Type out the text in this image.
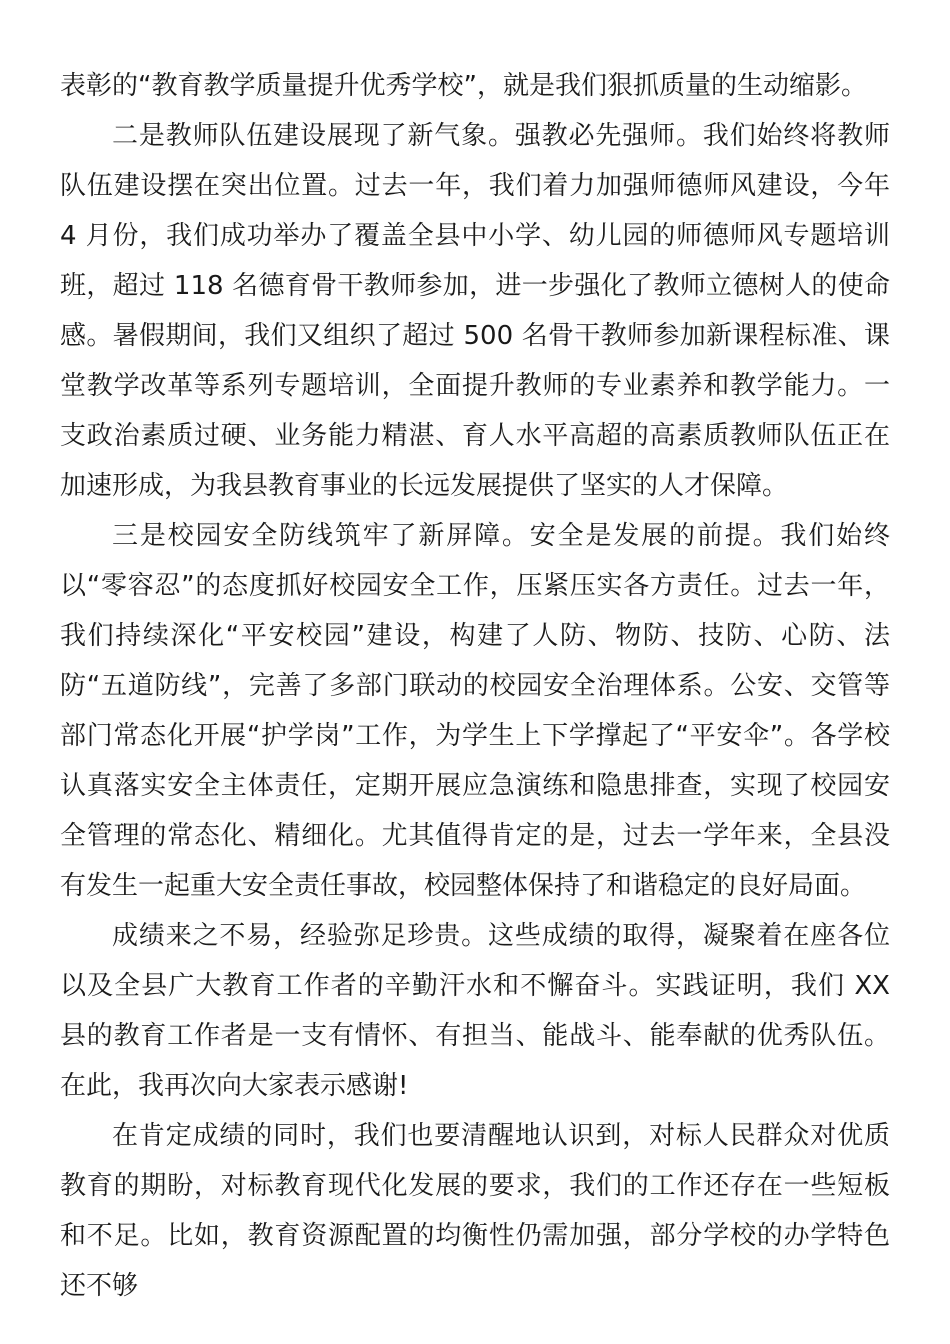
表彰的“教育教学质量提升优秀学校”，就是我们狠抓质量的生动缩影。

二是教师队伍建设展现了新气象。强教必先强师。我们始终将教师队伍建设摆在突出位置。过去一年，我们着力加强师德师风建设，今年 4 月份，我们成功举办了覆盖全县中小学、幼儿园的师德师风专题培训班，超过 118 名德育骨干教师参加，进一步强化了教师立德树人的使命感。暑假期间，我们又组织了超过 500 名骨干教师参加新课程标准、课堂教学改革等系列专题培训，全面提升教师的专业素养和教学能力。一支政治素质过硬、业务能力精湛、育人水平高超的高素质教师队伍正在加速形成，为我县教育事业的长远发展提供了坚实的人才保障。

三是校园安全防线筑牢了新屏障。安全是发展的前提。我们始终以“零容忍”的态度抓好校园安全工作，压紧压实各方责任。过去一年，我们持续深化“平安校园”建设，构建了人防、物防、技防、心防、法防“五道防线”，完善了多部门联动的校园安全治理体系。公安、交管等部门常态化开展“护学岗”工作，为学生上下学撑起了“平安伞”。各学校认真落实安全主体责任，定期开展应急演练和隐患排查，实现了校园安全管理的常态化、精细化。尤其值得肯定的是，过去一学年来，全县没有发生一起重大安全责任事故，校园整体保持了和谐稳定的良好局面。

成绩来之不易，经验弥足珍贵。这些成绩的取得，凝聚着在座各位以及全县广大教育工作者的辛勤汗水和不懈奋斗。实践证明，我们 XX 县的教育工作者是一支有情怀、有担当、能战斗、能奉献的优秀队伍。在此，我再次向大家表示感谢!

在肯定成绩的同时，我们也要清醒地认识到，对标人民群众对优质教育的期盼，对标教育现代化发展的要求，我们的工作还存在一些短板和不足。比如，教育资源配置的均衡性仍需加强，部分学校的办学特色还不够
